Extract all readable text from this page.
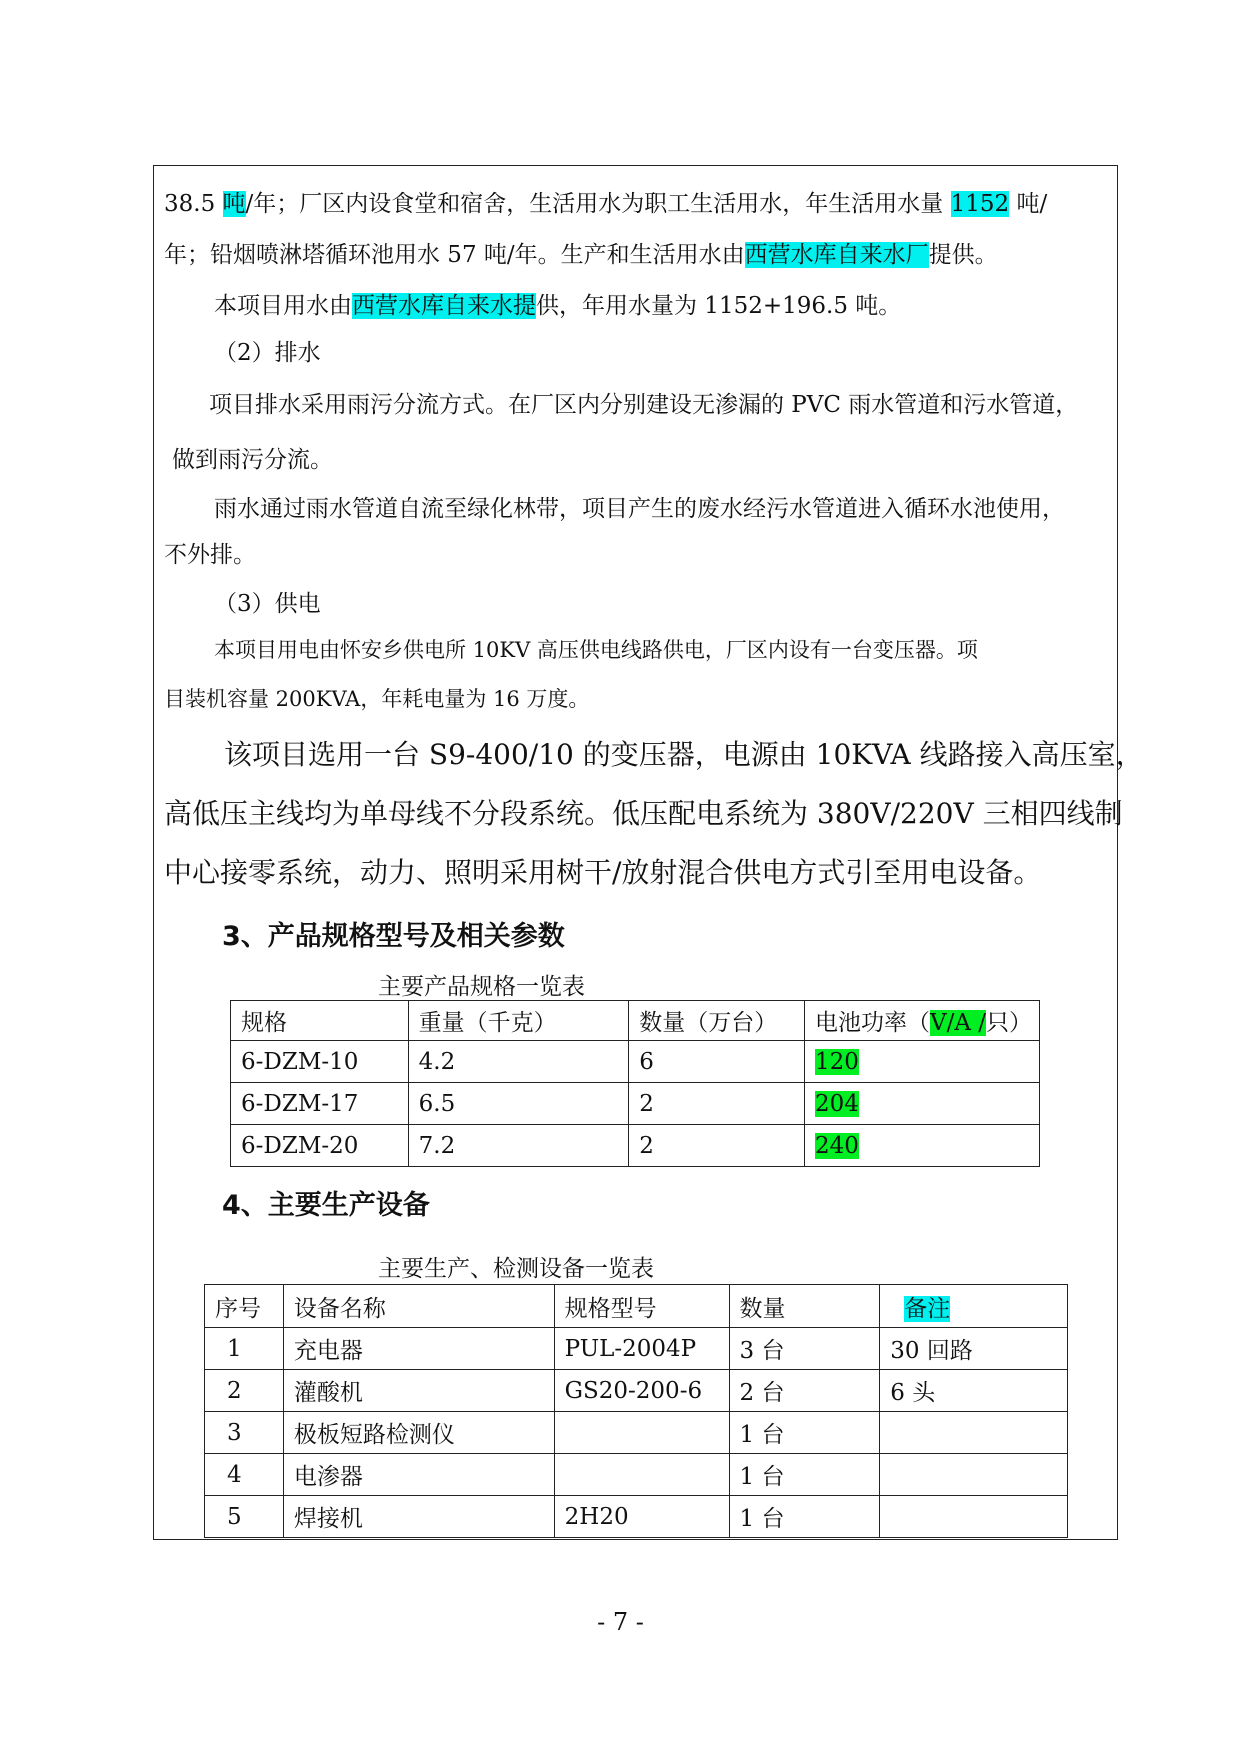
38.5 吨/年；厂区内设食堂和宿舍，生活用水为职工生活用水，年生活用水量 1152 吨/
年；铅烟喷淋塔循环池用水 57 吨/年。生产和生活用水由西营水库自来水厂提供。
本项目用水由西营水库自来水提供，年用水量为 1152+196.5 吨。
（2）排水
项目排水采用雨污分流方式。在厂区内分别建设无渗漏的 PVC 雨水管道和污水管道，
做到雨污分流。
雨水通过雨水管道自流至绿化林带，项目产生的废水经污水管道进入循环水池使用，
不外排。
（3）供电
本项目用电由怀安乡供电所 10KV 高压供电线路供电，厂区内设有一台变压器。项
目装机容量 200KVA，年耗电量为 16 万度。
该项目选用一台 S9-400/10 的变压器，电源由 10KVA 线路接入高压室，
高低压主线均为单母线不分段系统。低压配电系统为 380V/220V 三相四线制
中心接零系统，动力、照明采用树干/放射混合供电方式引至用电设备。
3、产品规格型号及相关参数
主要产品规格一览表
规格	重量（千克）	数量（万台）	电池功率（V/A /只）
6-DZM-10	4.2	6	120
6-DZM-17	6.5	2	204
6-DZM-20	7.2	2	240
4、主要生产设备
主要生产、检测设备一览表
序号	设备名称	规格型号	数量	备注
1	充电器	PUL-2004P	3 台	30 回路
2	灌酸机	GS20-200-6	2 台	6 头
3	极板短路检测仪		1 台	
4	电渗器		1 台	
5	焊接机	2H20	1 台	
- 7 -
